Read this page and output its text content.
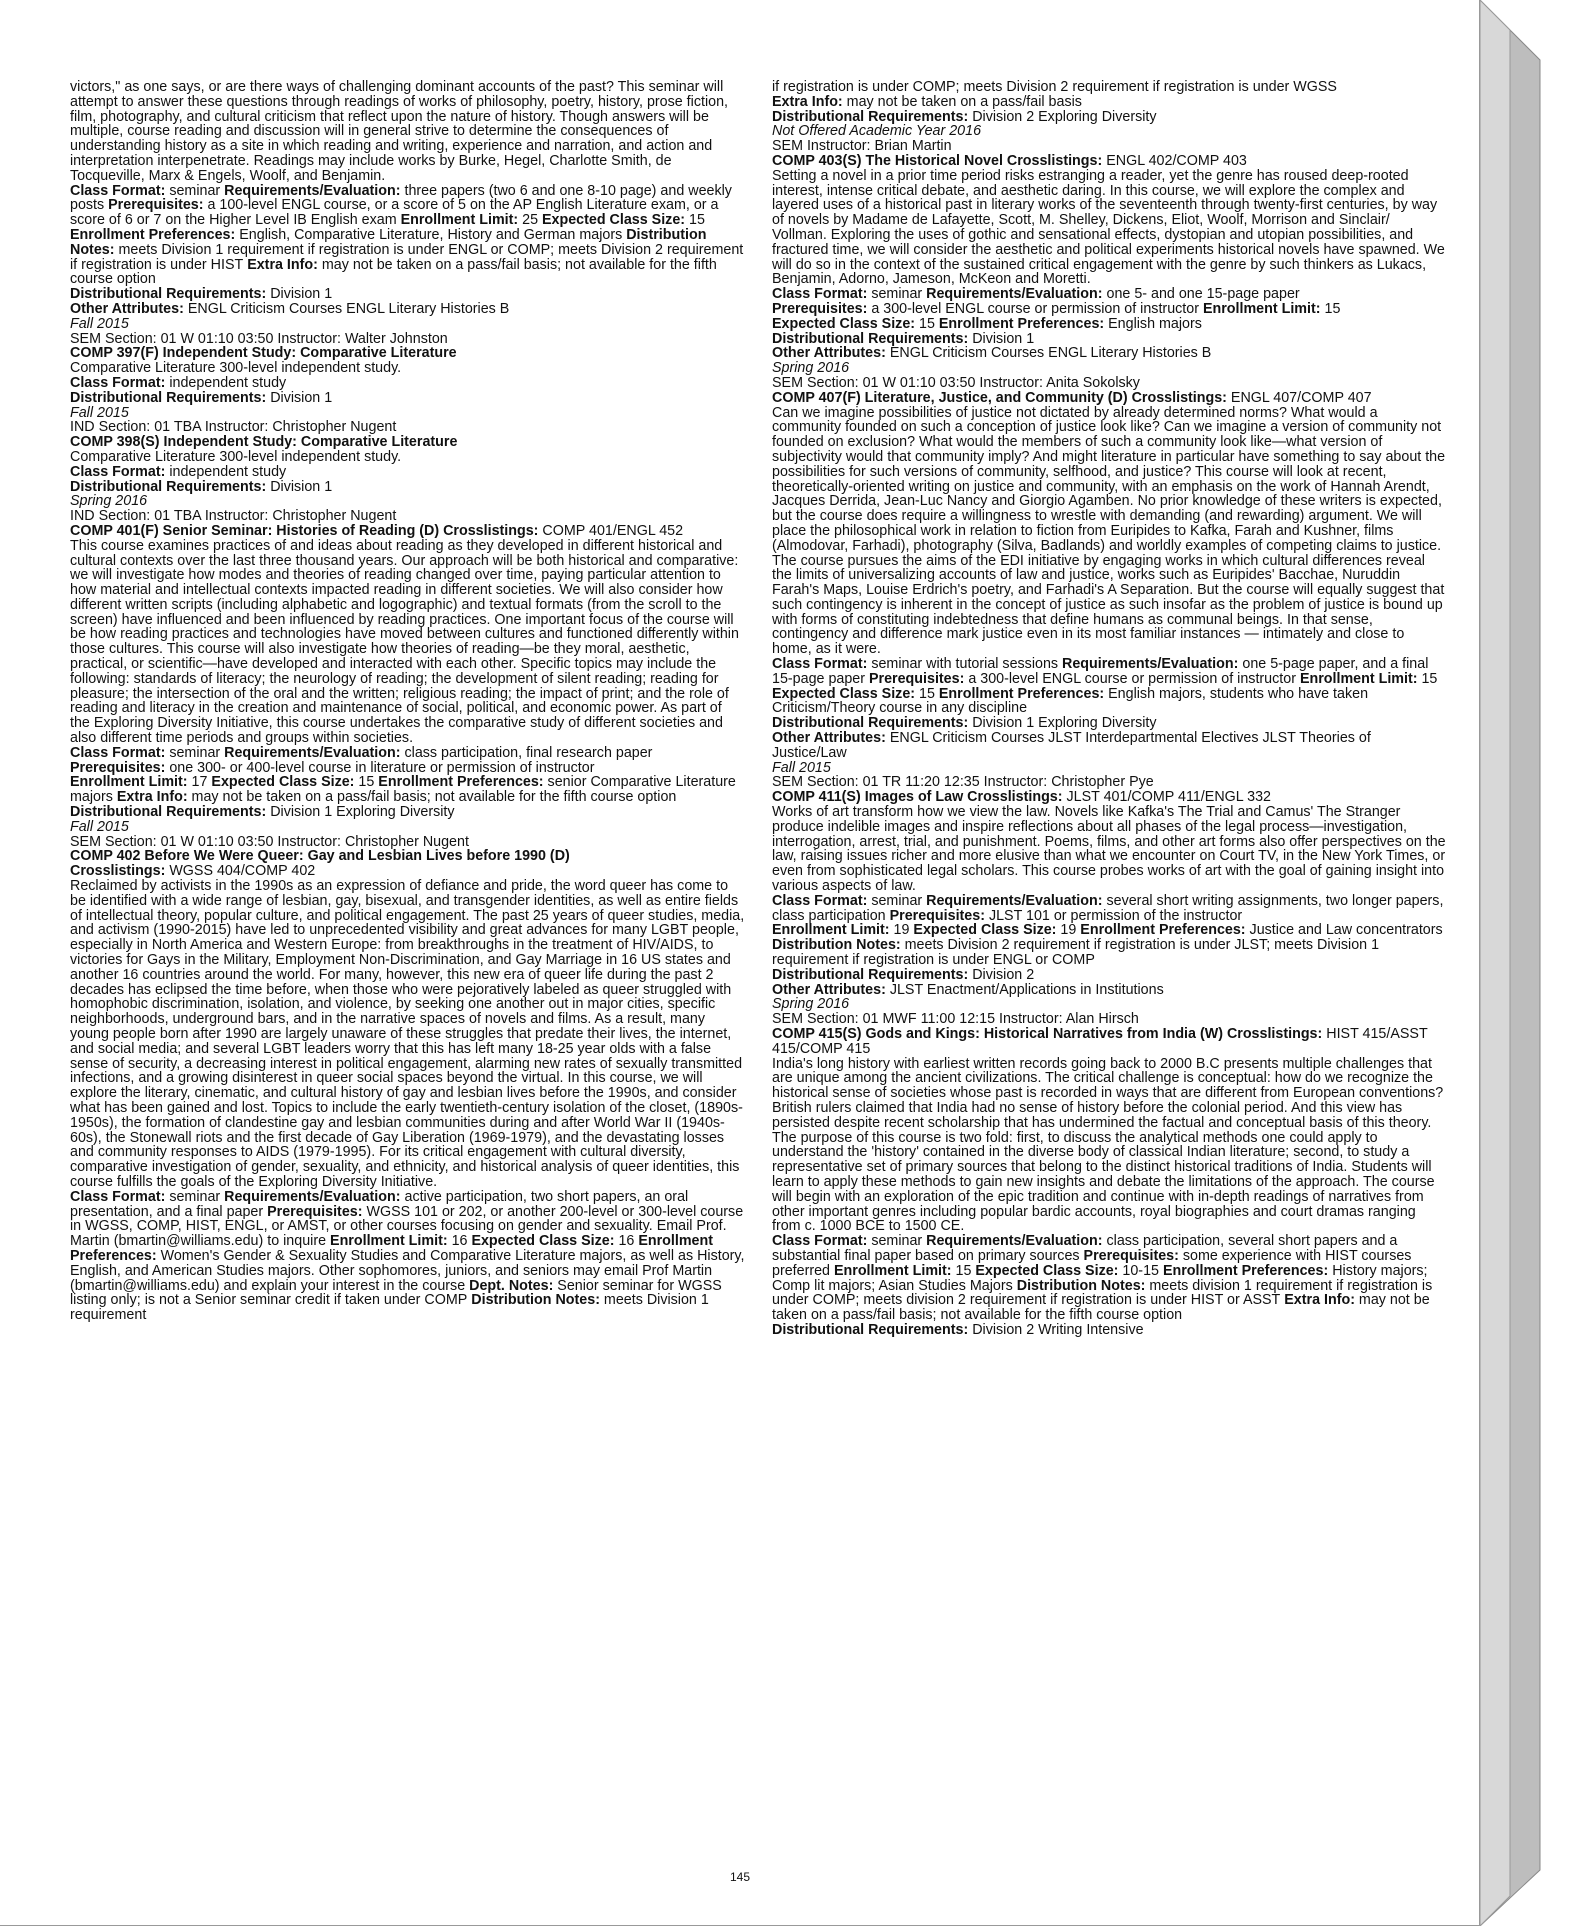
victors," as one says, or are there ways of challenging dominant accounts of the past? This seminar will attempt to answer these questions through readings of works of philosophy, poetry, history, prose fiction, film, photography, and cultural criticism that reflect upon the nature of history. Though answers will be multiple, course reading and discussion will in general strive to determine the consequences of understanding history as a site in which reading and writing, experience and narration, and action and interpretation interpenetrate. Readings may include works by Burke, Hegel, Charlotte Smith, de Tocqueville, Marx & Engels, Woolf, and Benjamin.

Class Format: seminar Requirements/Evaluation: three papers (two 6 and one 8-10 page) and weekly posts Prerequisites: a 100-level ENGL course, or a score of 5 on the AP English Literature exam, or a score of 6 or 7 on the Higher Level IB English exam Enrollment Limit: 25 Expected Class Size: 15 Enrollment Preferences: English, Comparative Literature, History and German majors Distribution Notes: meets Division 1 requirement if registration is under ENGL or COMP; meets Division 2 requirement if registration is under HIST Extra Info: may not be taken on a pass/fail basis; not available for the fifth course option

Distributional Requirements: Division 1

Other Attributes: ENGL Criticism Courses ENGL Literary Histories B

Fall 2015

SEM Section: 01 W 01:10 03:50 Instructor: Walter Johnston

COMP 397(F) Independent Study: Comparative Literature

Comparative Literature 300-level independent study.

Class Format: independent study

Distributional Requirements: Division 1

Fall 2015

IND Section: 01 TBA Instructor: Christopher Nugent

COMP 398(S) Independent Study: Comparative Literature

Comparative Literature 300-level independent study.

Class Format: independent study

Distributional Requirements: Division 1

Spring 2016

IND Section: 01 TBA Instructor: Christopher Nugent

COMP 401(F) Senior Seminar: Histories of Reading (D) Crosslistings: COMP 401/ENGL 452

This course examines practices of and ideas about reading as they developed in different historical and cultural contexts over the last three thousand years. Our approach will be both historical and comparative: we will investigate how modes and theories of reading changed over time, paying particular attention to how material and intellectual contexts impacted reading in different societies. We will also consider how different written scripts (including alphabetic and logographic) and textual formats (from the scroll to the screen) have influenced and been influenced by reading practices. One important focus of the course will be how reading practices and technologies have moved between cultures and functioned differently within those cultures. This course will also investigate how theories of reading—be they moral, aesthetic, practical, or scientific—have developed and interacted with each other. Specific topics may include the following: standards of literacy; the neurology of reading; the development of silent reading; reading for pleasure; the intersection of the oral and the written; religious reading; the impact of print; and the role of reading and literacy in the creation and maintenance of social, political, and economic power. As part of the Exploring Diversity Initiative, this course undertakes the comparative study of different societies and also different time periods and groups within societies.

Class Format: seminar Requirements/Evaluation: class participation, final research paper

Prerequisites: one 300- or 400-level course in literature or permission of instructor

Enrollment Limit: 17 Expected Class Size: 15 Enrollment Preferences: senior Comparative Literature majors Extra Info: may not be taken on a pass/fail basis; not available for the fifth course option

Distributional Requirements: Division 1 Exploring Diversity

Fall 2015

SEM Section: 01 W 01:10 03:50 Instructor: Christopher Nugent

COMP 402 Before We Were Queer: Gay and Lesbian Lives before 1990 (D)

Crosslistings: WGSS 404/COMP 402

Reclaimed by activists in the 1990s as an expression of defiance and pride, the word queer has come to be identified with a wide range of lesbian, gay, bisexual, and transgender identities, as well as entire fields of intellectual theory, popular culture, and political engagement. The past 25 years of queer studies, media, and activism (1990-2015) have led to unprecedented visibility and great advances for many LGBT people, especially in North America and Western Europe: from breakthroughs in the treatment of HIV/AIDS, to victories for Gays in the Military, Employment Non-Discrimination, and Gay Marriage in 16 US states and another 16 countries around the world. For many, however, this new era of queer life during the past 2 decades has eclipsed the time before, when those who were pejoratively labeled as queer struggled with homophobic discrimination, isolation, and violence, by seeking one another out in major cities, specific neighborhoods, underground bars, and in the narrative spaces of novels and films. As a result, many young people born after 1990 are largely unaware of these struggles that predate their lives, the internet, and social media; and several LGBT leaders worry that this has left many 18-25 year olds with a false sense of security, a decreasing interest in political engagement, alarming new rates of sexually transmitted infections, and a growing disinterest in queer social spaces beyond the virtual. In this course, we will explore the literary, cinematic, and cultural history of gay and lesbian lives before the 1990s, and consider what has been gained and lost. Topics to include the early twentieth-century isolation of the closet, (1890s-1950s), the formation of clandestine gay and lesbian communities during and after World War II (1940s-60s), the Stonewall riots and the first decade of Gay Liberation (1969-1979), and the devastating losses and community responses to AIDS (1979-1995). For its critical engagement with cultural diversity, comparative investigation of gender, sexuality, and ethnicity, and historical analysis of queer identities, this course fulfills the goals of the Exploring Diversity Initiative.

Class Format: seminar Requirements/Evaluation: active participation, two short papers, an oral presentation, and a final paper Prerequisites: WGSS 101 or 202, or another 200-level or 300-level course in WGSS, COMP, HIST, ENGL, or AMST, or other courses focusing on gender and sexuality. Email Prof. Martin (bmartin@williams.edu) to inquire Enrollment Limit: 16 Expected Class Size: 16 Enrollment Preferences: Women's Gender & Sexuality Studies and Comparative Literature majors, as well as History, English, and American Studies majors. Other sophomores, juniors, and seniors may email Prof Martin (bmartin@williams.edu) and explain your interest in the course Dept. Notes: Senior seminar for WGSS listing only; is not a Senior seminar credit if taken under COMP Distribution Notes: meets Division 1 requirement

if registration is under COMP; meets Division 2 requirement if registration is under WGSS

Extra Info: may not be taken on a pass/fail basis

Distributional Requirements: Division 2 Exploring Diversity

Not Offered Academic Year 2016

SEM Instructor: Brian Martin

COMP 403(S) The Historical Novel Crosslistings: ENGL 402/COMP 403

Setting a novel in a prior time period risks estranging a reader, yet the genre has roused deep-rooted interest, intense critical debate, and aesthetic daring. In this course, we will explore the complex and layered uses of a historical past in literary works of the seventeenth through twenty-first centuries, by way of novels by Madame de Lafayette, Scott, M. Shelley, Dickens, Eliot, Woolf, Morrison and Sinclair/ Vollman. Exploring the uses of gothic and sensational effects, dystopian and utopian possibilities, and fractured time, we will consider the aesthetic and political experiments historical novels have spawned. We will do so in the context of the sustained critical engagement with the genre by such thinkers as Lukacs, Benjamin, Adorno, Jameson, McKeon and Moretti.

Class Format: seminar Requirements/Evaluation: one 5- and one 15-page paper

Prerequisites: a 300-level ENGL course or permission of instructor Enrollment Limit: 15

Expected Class Size: 15 Enrollment Preferences: English majors

Distributional Requirements: Division 1

Other Attributes: ENGL Criticism Courses ENGL Literary Histories B

Spring 2016

SEM Section: 01 W 01:10 03:50 Instructor: Anita Sokolsky

COMP 407(F) Literature, Justice, and Community (D) Crosslistings: ENGL 407/COMP 407

Can we imagine possibilities of justice not dictated by already determined norms? What would a community founded on such a conception of justice look like? Can we imagine a version of community not founded on exclusion? What would the members of such a community look like—what version of subjectivity would that community imply? And might literature in particular have something to say about the possibilities for such versions of community, selfhood, and justice? This course will look at recent, theoretically-oriented writing on justice and community, with an emphasis on the work of Hannah Arendt, Jacques Derrida, Jean-Luc Nancy and Giorgio Agamben. No prior knowledge of these writers is expected, but the course does require a willingness to wrestle with demanding (and rewarding) argument. We will place the philosophical work in relation to fiction from Euripides to Kafka, Farah and Kushner, films (Almodovar, Farhadi), photography (Silva, Badlands) and worldly examples of competing claims to justice. The course pursues the aims of the EDI initiative by engaging works in which cultural differences reveal the limits of universalizing accounts of law and justice, works such as Euripides' Bacchae, Nuruddin Farah's Maps, Louise Erdrich's poetry, and Farhadi's A Separation. But the course will equally suggest that such contingency is inherent in the concept of justice as such insofar as the problem of justice is bound up with forms of constituting indebtedness that define humans as communal beings. In that sense, contingency and difference mark justice even in its most familiar instances — intimately and close to home, as it were.

Class Format: seminar with tutorial sessions Requirements/Evaluation: one 5-page paper, and a final 15-page paper Prerequisites: a 300-level ENGL course or permission of instructor Enrollment Limit: 15 Expected Class Size: 15 Enrollment Preferences: English majors, students who have taken Criticism/Theory course in any discipline

Distributional Requirements: Division 1 Exploring Diversity

Other Attributes: ENGL Criticism Courses JLST Interdepartmental Electives JLST Theories of Justice/Law

Fall 2015

SEM Section: 01 TR 11:20 12:35 Instructor: Christopher Pye

COMP 411(S) Images of Law Crosslistings: JLST 401/COMP 411/ENGL 332

Works of art transform how we view the law. Novels like Kafka's The Trial and Camus' The Stranger produce indelible images and inspire reflections about all phases of the legal process—investigation, interrogation, arrest, trial, and punishment. Poems, films, and other art forms also offer perspectives on the law, raising issues richer and more elusive than what we encounter on Court TV, in the New York Times, or even from sophisticated legal scholars. This course probes works of art with the goal of gaining insight into various aspects of law.

Class Format: seminar Requirements/Evaluation: several short writing assignments, two longer papers, class participation Prerequisites: JLST 101 or permission of the instructor

Enrollment Limit: 19 Expected Class Size: 19 Enrollment Preferences: Justice and Law concentrators Distribution Notes: meets Division 2 requirement if registration is under JLST; meets Division 1 requirement if registration is under ENGL or COMP

Distributional Requirements: Division 2

Other Attributes: JLST Enactment/Applications in Institutions

Spring 2016

SEM Section: 01 MWF 11:00 12:15 Instructor: Alan Hirsch

COMP 415(S) Gods and Kings: Historical Narratives from India (W) Crosslistings: HIST 415/ASST 415/COMP 415

India's long history with earliest written records going back to 2000 B.C presents multiple challenges that are unique among the ancient civilizations. The critical challenge is conceptual: how do we recognize the historical sense of societies whose past is recorded in ways that are different from European conventions? British rulers claimed that India had no sense of history before the colonial period. And this view has persisted despite recent scholarship that has undermined the factual and conceptual basis of this theory.

The purpose of this course is two fold: first, to discuss the analytical methods one could apply to understand the 'history' contained in the diverse body of classical Indian literature; second, to study a representative set of primary sources that belong to the distinct historical traditions of India. Students will learn to apply these methods to gain new insights and debate the limitations of the approach. The course will begin with an exploration of the epic tradition and continue with in-depth readings of narratives from other important genres including popular bardic accounts, royal biographies and court dramas ranging from c. 1000 BCE to 1500 CE.

Class Format: seminar Requirements/Evaluation: class participation, several short papers and a substantial final paper based on primary sources Prerequisites: some experience with HIST courses preferred Enrollment Limit: 15 Expected Class Size: 10-15 Enrollment Preferences: History majors; Comp lit majors; Asian Studies Majors Distribution Notes: meets division 1 requirement if registration is under COMP; meets division 2 requirement if registration is under HIST or ASST Extra Info: may not be taken on a pass/fail basis; not available for the fifth course option

Distributional Requirements: Division 2 Writing Intensive

145
